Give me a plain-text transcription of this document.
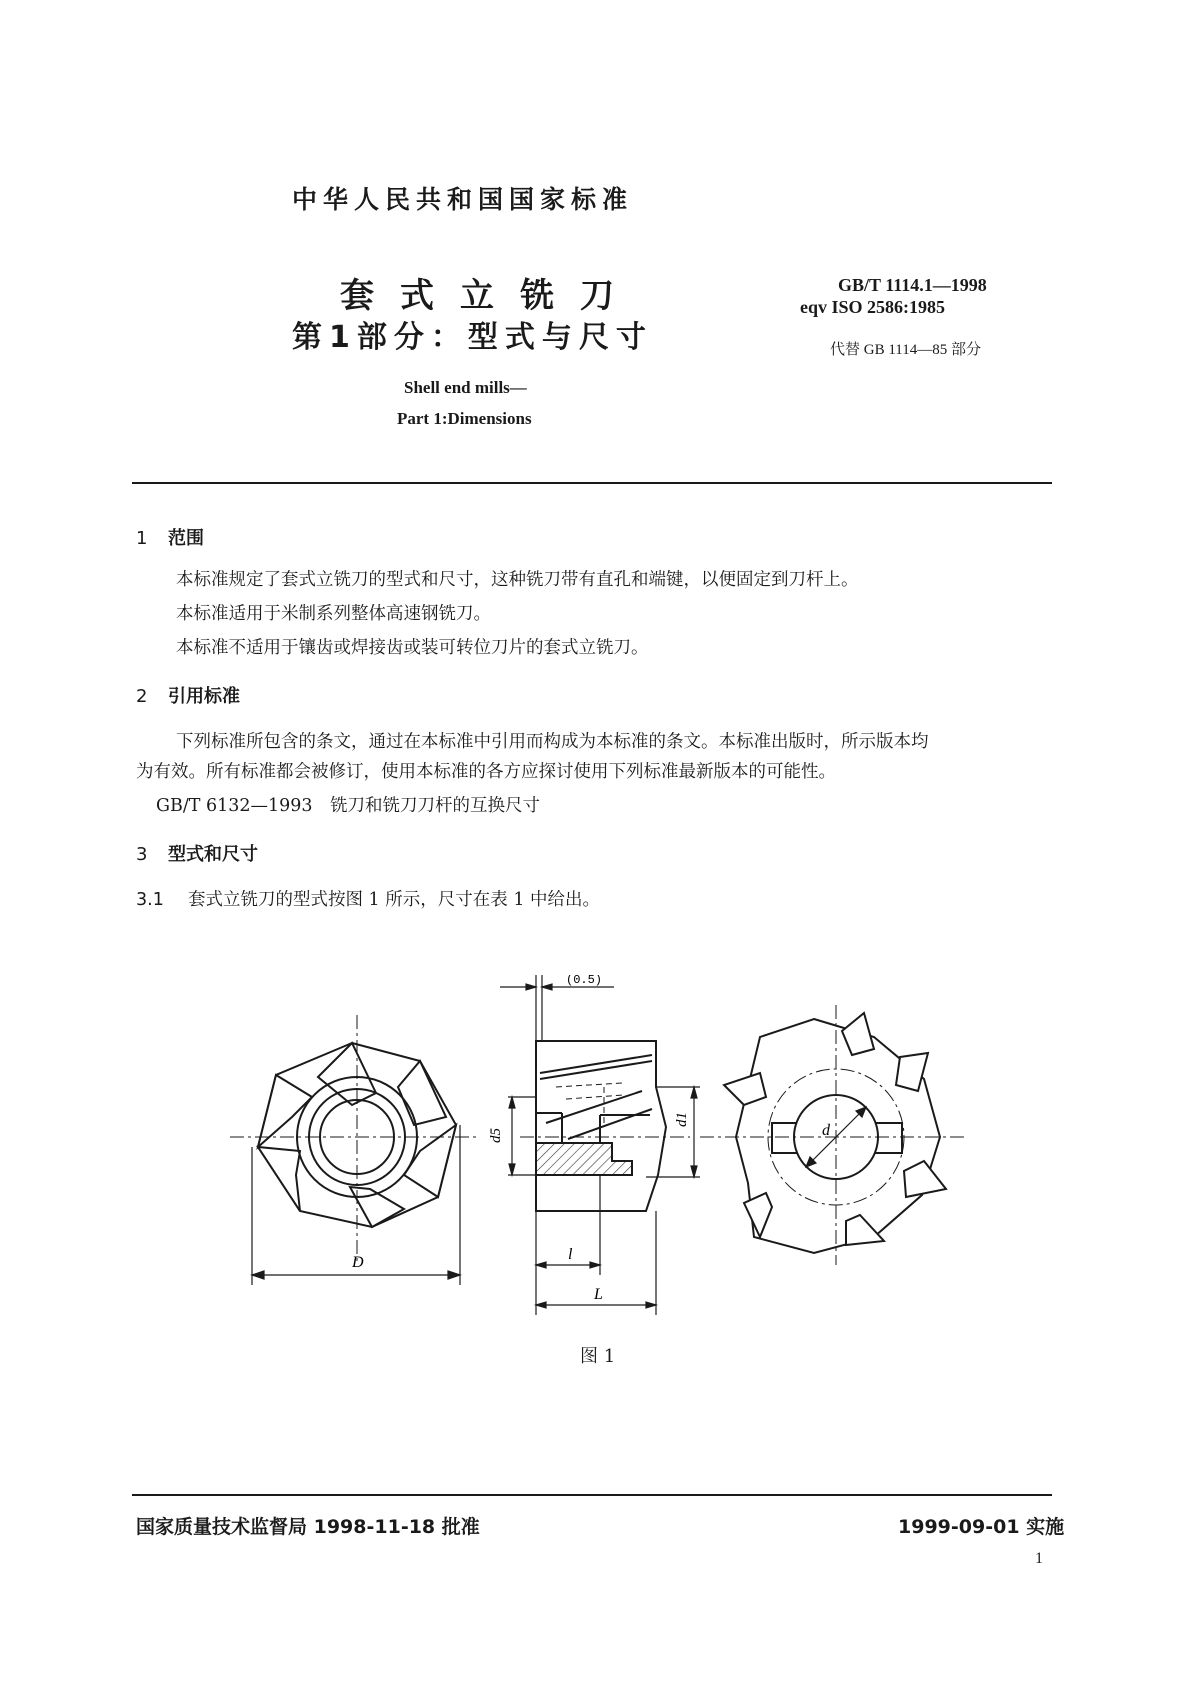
中华人民共和国国家标准
套式立铣刀
第1部分：型式与尺寸
Shell end mills—
Part 1:Dimensions
GB/T 1114.1—1998
eqv ISO 2586:1985
代替 GB 1114—85 部分
1 范围
本标准规定了套式立铣刀的型式和尺寸，这种铣刀带有直孔和端键，以便固定到刀杆上。
本标准适用于米制系列整体高速钢铣刀。
本标准不适用于镶齿或焊接齿或装可转位刀片的套式立铣刀。
2 引用标准
下列标准所包含的条文，通过在本标准中引用而构成为本标准的条文。本标准出版时，所示版本均
为有效。所有标准都会被修订，使用本标准的各方应探讨使用下列标准最新版本的可能性。
GB/T 6132—1993　铣刀和铣刀刀杆的互换尺寸
3 型式和尺寸
3.1 套式立铣刀的型式按图 1 所示，尺寸在表 1 中给出。
D
(0.5)
d5
d1
l
L
d
图 1
国家质量技术监督局 1998-11-18 批准	1999-09-01 实施
1
